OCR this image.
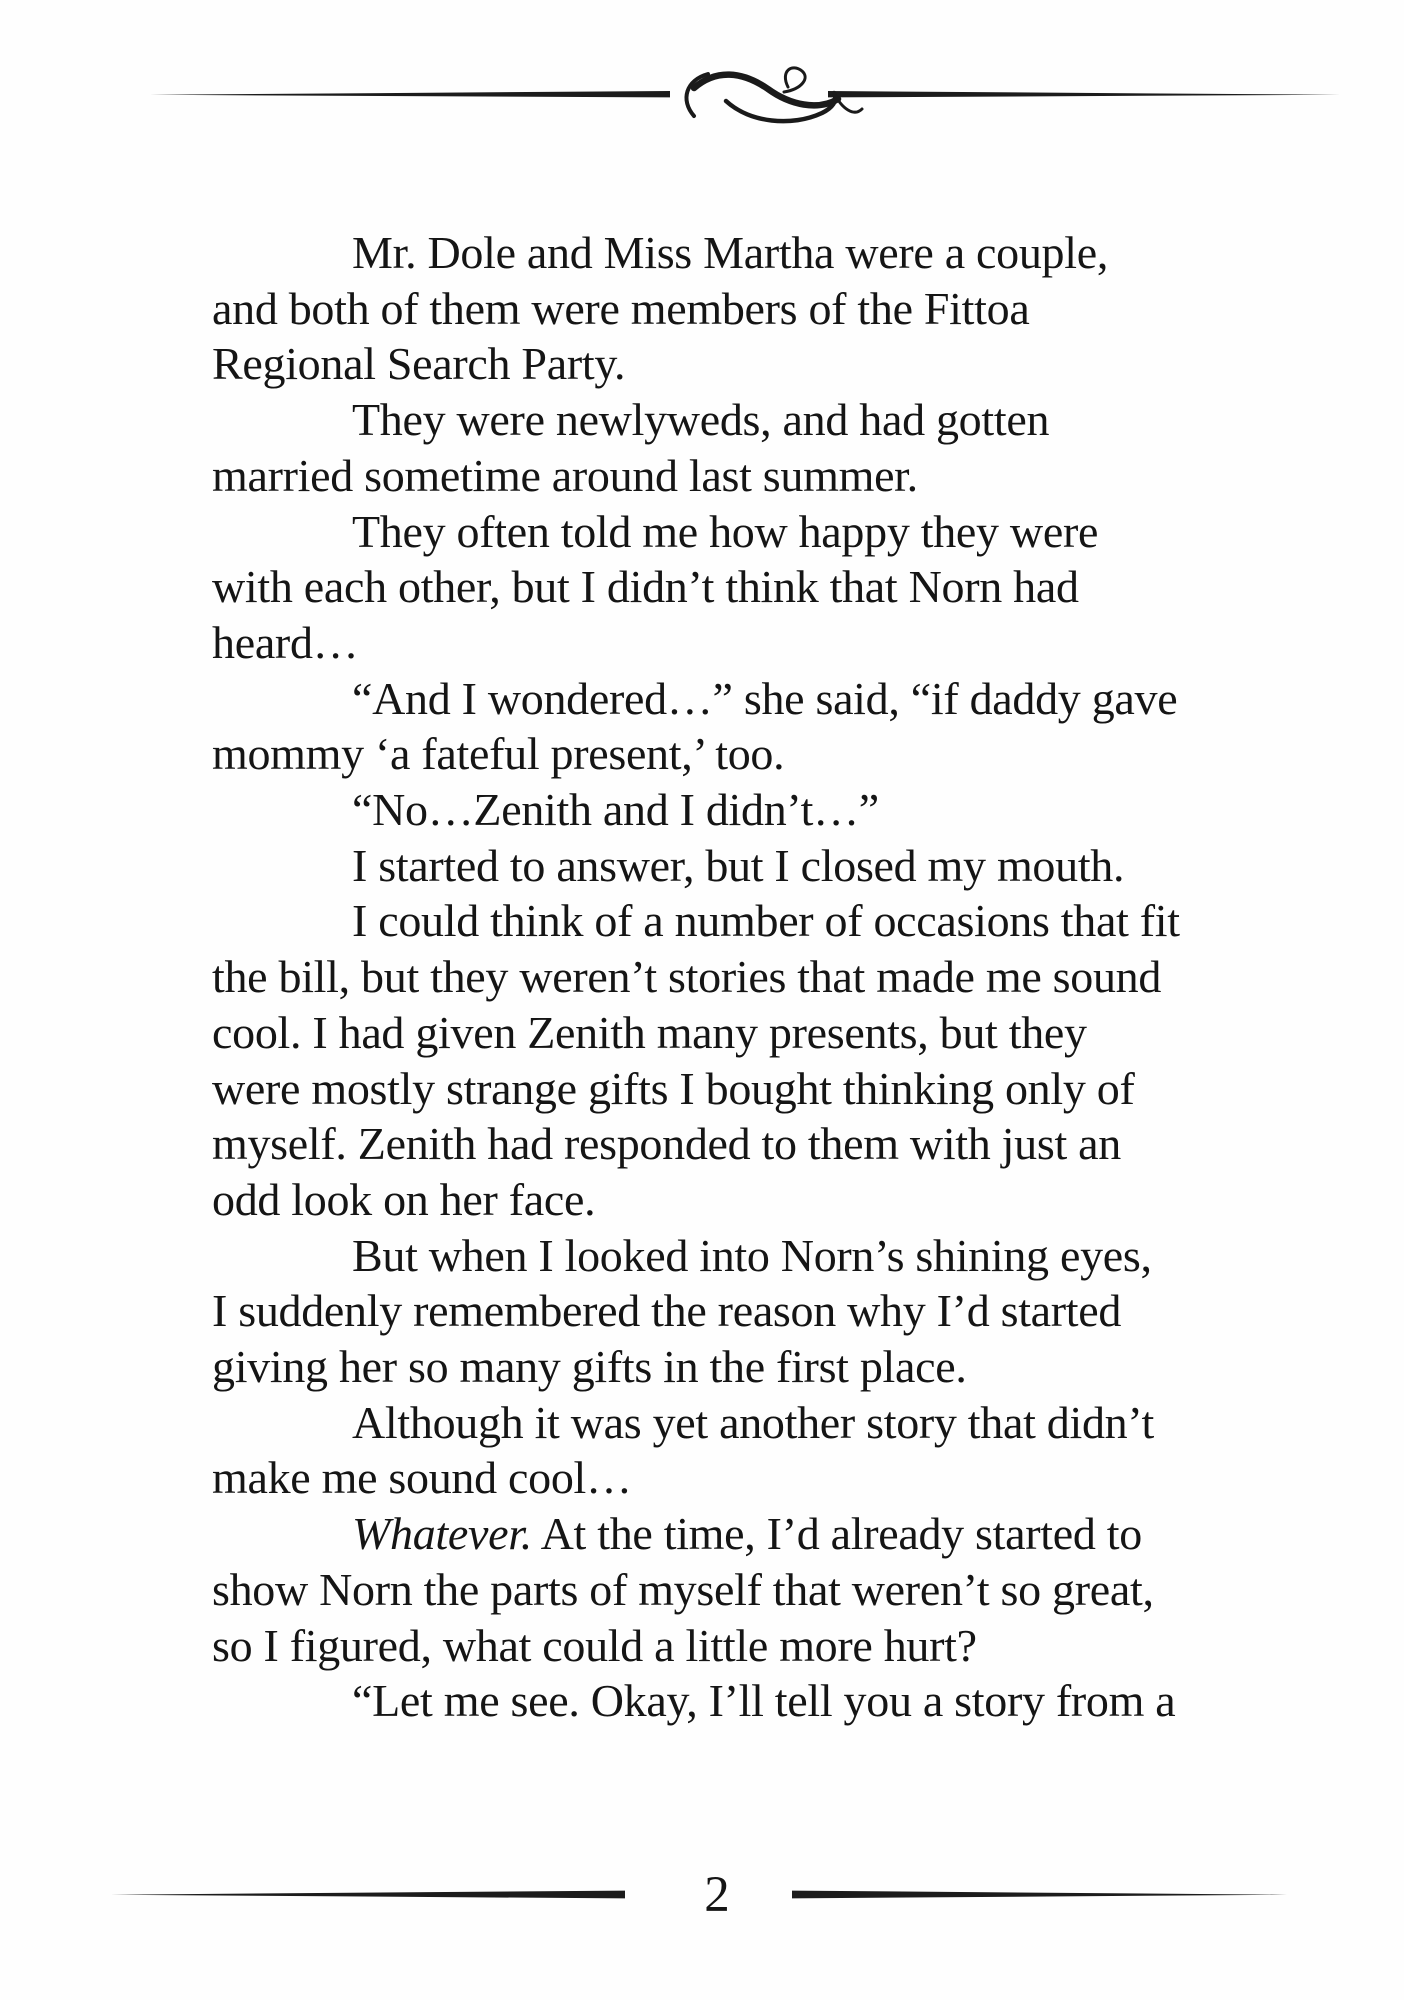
Mr. Dole and Miss Martha were a couple,
and both of them were members of the Fittoa
Regional Search Party.
They were newlyweds, and had gotten
married sometime around last summer.
They often told me how happy they were
with each other, but I didn’t think that Norn had
heard…
“And I wondered…” she said, “if daddy gave
mommy ‘a fateful present,’ too.
“No…Zenith and I didn’t…”
I started to answer, but I closed my mouth.
I could think of a number of occasions that fit
the bill, but they weren’t stories that made me sound
cool. I had given Zenith many presents, but they
were mostly strange gifts I bought thinking only of
myself. Zenith had responded to them with just an
odd look on her face.
But when I looked into Norn’s shining eyes,
I suddenly remembered the reason why I’d started
giving her so many gifts in the first place.
Although it was yet another story that didn’t
make me sound cool…
Whatever. At the time, I’d already started to
show Norn the parts of myself that weren’t so great,
so I figured, what could a little more hurt?
“Let me see. Okay, I’ll tell you a story from a
2
